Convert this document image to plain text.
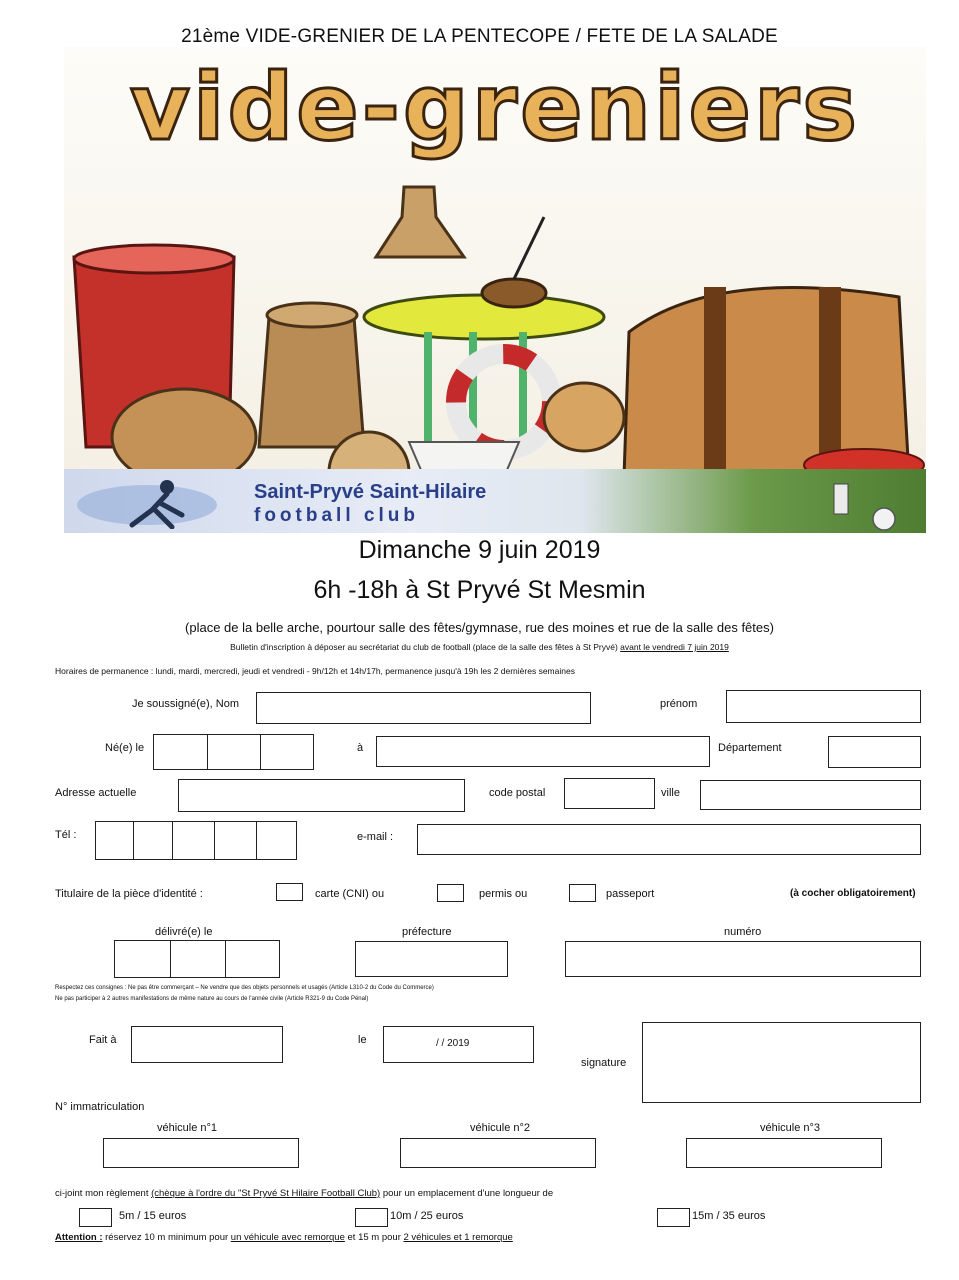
21ème VIDE-GRENIER DE LA PENTECOPE / FETE DE LA SALADE
vide-greniers
Saint-Pryvé Saint-Hilaire
football club
Dimanche 9 juin 2019
6h -18h à St Pryvé St Mesmin
(place de la belle arche, pourtour salle des fêtes/gymnase, rue des moines et rue de la salle des fêtes)
Bulletin d'inscription à déposer au secrétariat du club de football (place de la salle des fêtes à St Pryvé) avant le vendredi 7 juin 2019
Horaires de permanence : lundi, mardi, mercredi, jeudi et vendredi - 9h/12h et 14h/17h, permanence jusqu'à 19h les 2 dernières semaines
Je soussigné(e), Nom	prénom
Né(e) le	à	Département
Adresse actuelle	code postal	ville
Tél :	e-mail :
Titulaire de la pièce d'identité :	carte (CNI) ou	permis ou	passeport	(à cocher obligatoirement)
délivré(e) le	préfecture	numéro
Respectez ces consignes : Ne pas être commerçant – Ne vendre que des objets personnels et usagés (Article L310-2 du Code du Commerce)
Ne pas participer à 2 autres manifestations de même nature au cours de l'année civile (Article R321-9 du Code Pénal)
Fait à	le	/ / 2019
signature
N° immatriculation
véhicule n°1	véhicule n°2	véhicule n°3
ci-joint mon règlement (chèque à l'ordre du "St Pryvé St Hilaire Football Club) pour un emplacement d'une longueur de
5m / 15 euros	10m / 25 euros	15m / 35 euros
Attention : réservez 10 m minimum pour un véhicule avec remorque et 15 m pour 2 véhicules et 1 remorque
